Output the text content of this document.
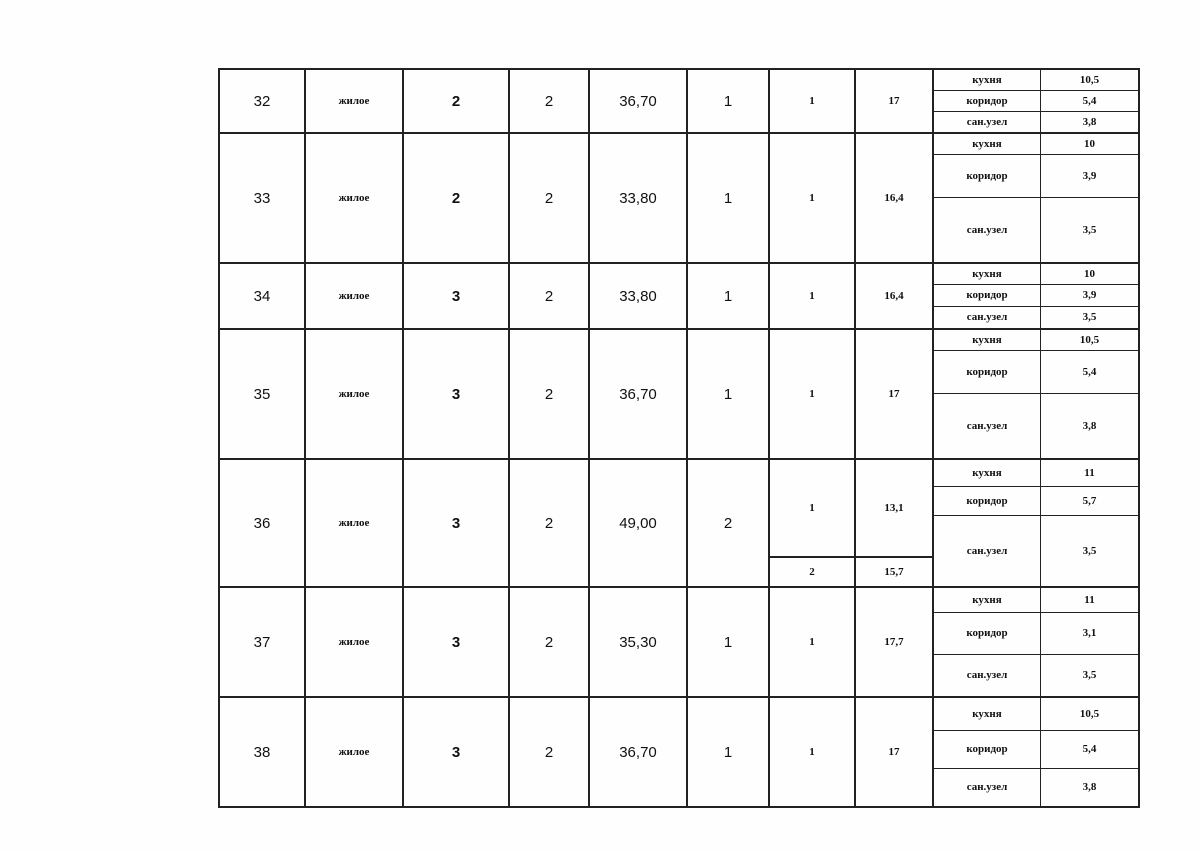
32	жилое	2	2	36,70	1	1	17	
кухня	10,5
коридор	5,4
сан.узел	3,8

33	жилое	2	2	33,80	1	1	16,4	
кухня	10
коридор	3,9
сан.узел	3,5

34	жилое	3	2	33,80	1	1	16,4	
кухня	10
коридор	3,9
сан.узел	3,5

35	жилое	3	2	36,70	1	1	17	
кухня	10,5
коридор	5,4
сан.узел	3,8

36	жилое	3	2	49,00	2	1	13,1	
кухня	11
коридор	5,7
сан.узел	3,5

2	15,7
37	жилое	3	2	35,30	1	1	17,7	
кухня	11
коридор	3,1
сан.узел	3,5

38	жилое	3	2	36,70	1	1	17	
кухня	10,5
коридор	5,4
сан.узел	3,8
